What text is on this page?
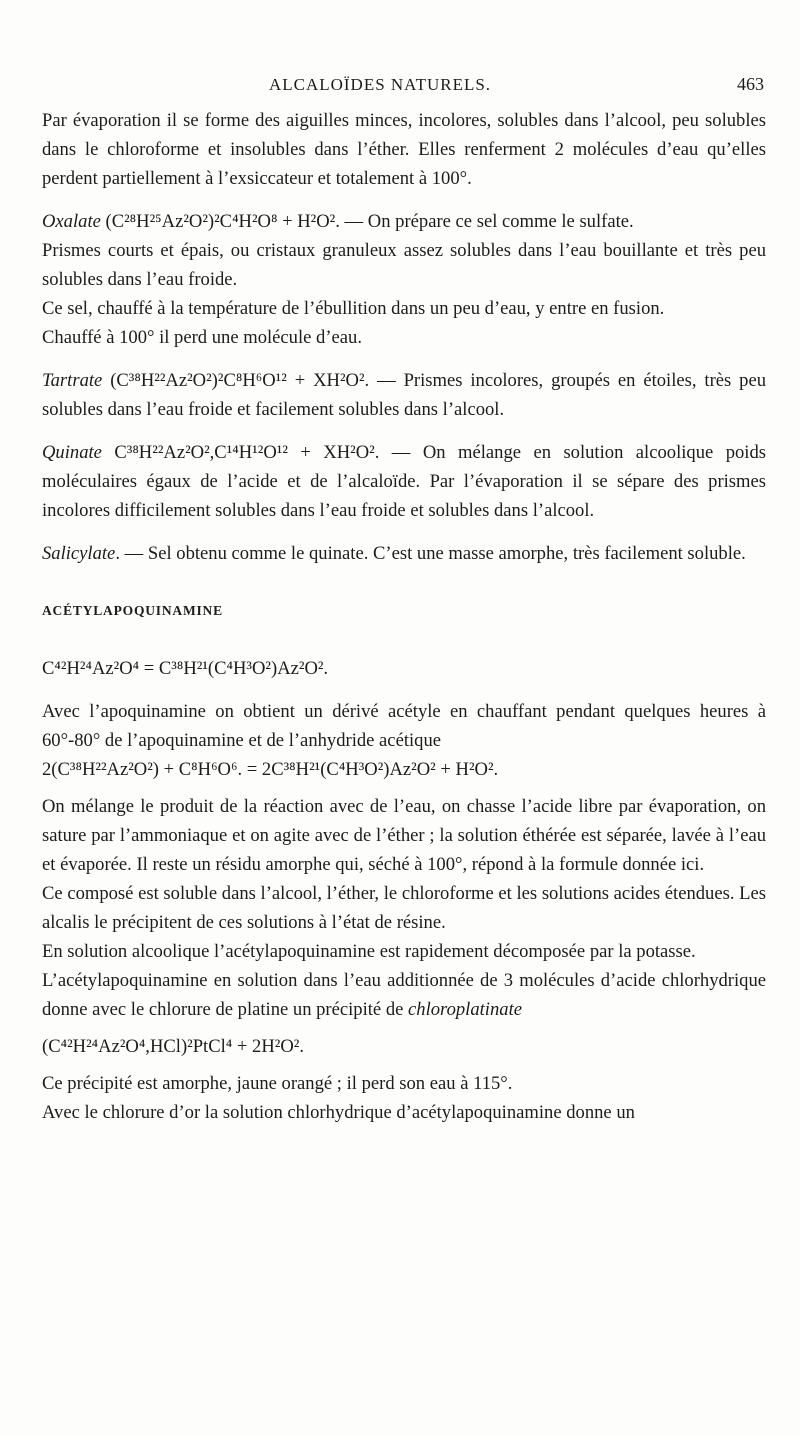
ALCALOÏDES NATURELS.	463

Par évaporation il se forme des aiguilles minces, incolores, solubles dans l’alcool, peu solubles dans le chloroforme et insolubles dans l’éther. Elles renferment 2 molécules d’eau qu’elles perdent partiellement à l’exsiccateur et totalement à 100°.

Oxalate (C²⁸H²⁵Az²O²)²C⁴H²O⁸ + H²O². — On prépare ce sel comme le sulfate.

Prismes courts et épais, ou cristaux granuleux assez solubles dans l’eau bouillante et très peu solubles dans l’eau froide.

Ce sel, chauffé à la température de l’ébullition dans un peu d’eau, y entre en fusion.

Chauffé à 100° il perd une molécule d’eau.

Tartrate (C³⁸H²²Az²O²)²C⁸H⁶O¹² + XH²O². — Prismes incolores, groupés en étoiles, très peu solubles dans l’eau froide et facilement solubles dans l’alcool.

Quinate C³⁸H²²Az²O²,C¹⁴H¹²O¹² + XH²O². — On mélange en solution alcoolique poids moléculaires égaux de l’acide et de l’alcaloïde. Par l’évaporation il se sépare des prismes incolores difficilement solubles dans l’eau froide et solubles dans l’alcool.

Salicylate. — Sel obtenu comme le quinate. C’est une masse amorphe, très facilement soluble.

ACÉTYLAPOQUINAMINE

C⁴²H²⁴Az²O⁴ = C³⁸H²¹(C⁴H³O²)Az²O².

Avec l’apoquinamine on obtient un dérivé acétyle en chauffant pendant quelques heures à 60°-80° de l’apoquinamine et de l’anhydride acétique

2(C³⁸H²²Az²O²) + C⁸H⁶O⁶. = 2C³⁸H²¹(C⁴H³O²)Az²O² + H²O².

On mélange le produit de la réaction avec de l’eau, on chasse l’acide libre par évaporation, on sature par l’ammoniaque et on agite avec de l’éther ; la solution éthérée est séparée, lavée à l’eau et évaporée. Il reste un résidu amorphe qui, séché à 100°, répond à la formule donnée ici.

Ce composé est soluble dans l’alcool, l’éther, le chloroforme et les solutions acides étendues. Les alcalis le précipitent de ces solutions à l’état de résine.

En solution alcoolique l’acétylapoquinamine est rapidement décomposée par la potasse.

L’acétylapoquinamine en solution dans l’eau additionnée de 3 molécules d’acide chlorhydrique donne avec le chlorure de platine un précipité de chloroplatinate

(C⁴²H²⁴Az²O⁴,HCl)²PtCl⁴ + 2H²O².

Ce précipité est amorphe, jaune orangé ; il perd son eau à 115°.

Avec le chlorure d’or la solution chlorhydrique d’acétylapoquinamine donne un
